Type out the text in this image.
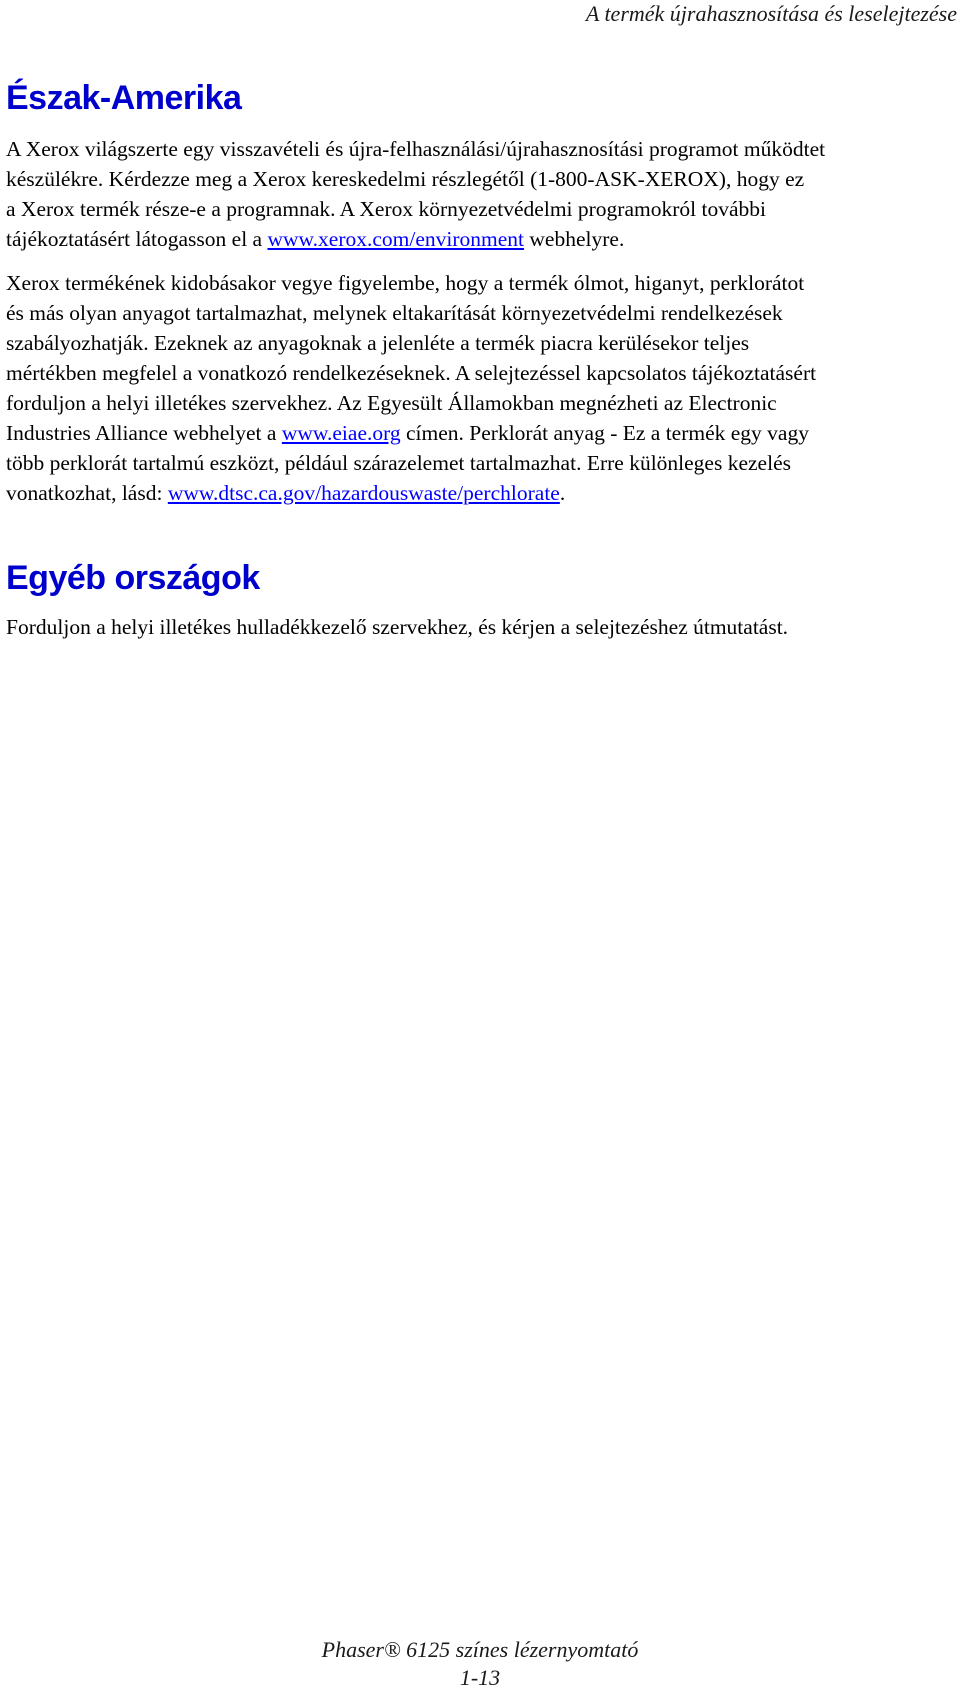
A termék újrahasznosítása és leselejtezése
Észak-Amerika

A Xerox világszerte egy visszavételi és újra-felhasználási/újrahasznosítási programot működtet
készülékre. Kérdezze meg a Xerox kereskedelmi részlegétől (1-800-ASK-XEROX), hogy ez
a Xerox termék része-e a programnak. A Xerox környezetvédelmi programokról további
tájékoztatásért látogasson el a www.xerox.com/environment webhelyre.

Xerox termékének kidobásakor vegye figyelembe, hogy a termék ólmot, higanyt, perklorátot
és más olyan anyagot tartalmazhat, melynek eltakarítását környezetvédelmi rendelkezések
szabályozhatják. Ezeknek az anyagoknak a jelenléte a termék piacra kerülésekor teljes
mértékben megfelel a vonatkozó rendelkezéseknek. A selejtezéssel kapcsolatos tájékoztatásért
forduljon a helyi illetékes szervekhez. Az Egyesült Államokban megnézheti az Electronic
Industries Alliance webhelyet a www.eiae.org címen. Perklorát anyag - Ez a termék egy vagy
több perklorát tartalmú eszközt, például szárazelemet tartalmazhat. Erre különleges kezelés
vonatkozhat, lásd: www.dtsc.ca.gov/hazardouswaste/perchlorate.

Egyéb országok

Forduljon a helyi illetékes hulladékkezelő szervekhez, és kérjen a selejtezéshez útmutatást.

Phaser® 6125 színes lézernyomtató
1-13
